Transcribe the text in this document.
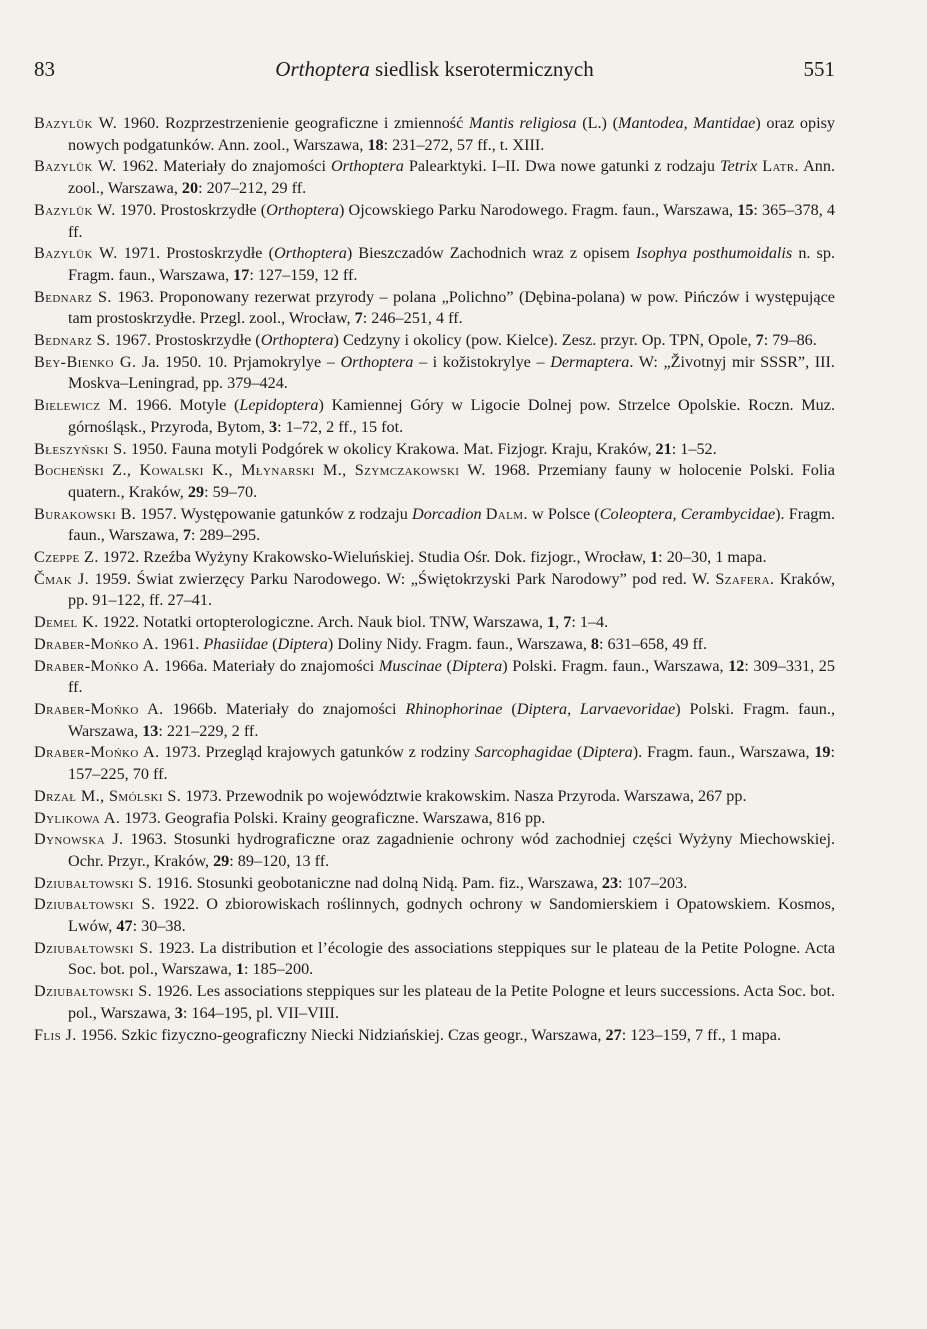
83	Orthoptera siedlisk kserotermicznych	551

Bazylük W. 1960. Rozprzestrzenienie geograficzne i zmienność Mantis religiosa (L.) (Mantodea, Mantidae) oraz opisy nowych podgatunków. Ann. zool., Warszawa, 18: 231–272, 57 ff., t. XIII.

Bazylük W. 1962. Materiały do znajomości Orthoptera Palearktyki. I–II. Dwa nowe gatunki z rodzaju Tetrix Latr. Ann. zool., Warszawa, 20: 207–212, 29 ff.

Bazylük W. 1970. Prostoskrzydłe (Orthoptera) Ojcowskiego Parku Narodowego. Fragm. faun., Warszawa, 15: 365–378, 4 ff.

Bazylük W. 1971. Prostoskrzydłe (Orthoptera) Bieszczadów Zachodnich wraz z opisem Isophya posthumoidalis n. sp. Fragm. faun., Warszawa, 17: 127–159, 12 ff.

Bednarz S. 1963. Proponowany rezerwat przyrody – polana „Polichno” (Dębina-polana) w pow. Pińczów i występujące tam prostoskrzydłe. Przegl. zool., Wrocław, 7: 246–251, 4 ff.

Bednarz S. 1967. Prostoskrzydłe (Orthoptera) Cedzyny i okolicy (pow. Kielce). Zesz. przyr. Op. TPN, Opole, 7: 79–86.

Bey-Bienko G. Ja. 1950. 10. Prjamokrylye – Orthoptera – i kožistokrylye – Dermaptera. W: „Životnyj mir SSSR”, III. Moskva–Leningrad, pp. 379–424.

Bielewicz M. 1966. Motyle (Lepidoptera) Kamiennej Góry w Ligocie Dolnej pow. Strzelce Opolskie. Roczn. Muz. górnośląsk., Przyroda, Bytom, 3: 1–72, 2 ff., 15 fot.

Błeszyński S. 1950. Fauna motyli Podgórek w okolicy Krakowa. Mat. Fizjogr. Kraju, Kraków, 21: 1–52.

Bocheński Z., Kowalski K., Młynarski M., Szymczakowski W. 1968. Przemiany fauny w holocenie Polski. Folia quatern., Kraków, 29: 59–70.

Burakowski B. 1957. Występowanie gatunków z rodzaju Dorcadion Dalm. w Polsce (Coleoptera, Cerambycidae). Fragm. faun., Warszawa, 7: 289–295.

Czeppe Z. 1972. Rzeźba Wyżyny Krakowsko-Wieluńskiej. Studia Ośr. Dok. fizjogr., Wrocław, 1: 20–30, 1 mapa.

Čmak J. 1959. Świat zwierzęcy Parku Narodowego. W: „Świętokrzyski Park Narodowy” pod red. W. Szafera. Kraków, pp. 91–122, ff. 27–41.

Demel K. 1922. Notatki ortopterologiczne. Arch. Nauk biol. TNW, Warszawa, 1, 7: 1–4.

Draber-Mońko A. 1961. Phasiidae (Diptera) Doliny Nidy. Fragm. faun., Warszawa, 8: 631–658, 49 ff.

Draber-Mońko A. 1966a. Materiały do znajomości Muscinae (Diptera) Polski. Fragm. faun., Warszawa, 12: 309–331, 25 ff.

Draber-Mońko A. 1966b. Materiały do znajomości Rhinophorinae (Diptera, Larvaevoridae) Polski. Fragm. faun., Warszawa, 13: 221–229, 2 ff.

Draber-Mońko A. 1973. Przegląd krajowych gatunków z rodziny Sarcophagidae (Diptera). Fragm. faun., Warszawa, 19: 157–225, 70 ff.

Drzał M., Smólski S. 1973. Przewodnik po województwie krakowskim. Nasza Przyroda. Warszawa, 267 pp.

Dylikowa A. 1973. Geografia Polski. Krainy geograficzne. Warszawa, 816 pp.

Dynowska J. 1963. Stosunki hydrograficzne oraz zagadnienie ochrony wód zachodniej części Wyżyny Miechowskiej. Ochr. Przyr., Kraków, 29: 89–120, 13 ff.

Dziubałtowski S. 1916. Stosunki geobotaniczne nad dolną Nidą. Pam. fiz., Warszawa, 23: 107–203.

Dziubałtowski S. 1922. O zbiorowiskach roślinnych, godnych ochrony w Sandomierskiem i Opatowskiem. Kosmos, Lwów, 47: 30–38.

Dziubałtowski S. 1923. La distribution et l’écologie des associations steppiques sur le plateau de la Petite Pologne. Acta Soc. bot. pol., Warszawa, 1: 185–200.

Dziubałtowski S. 1926. Les associations steppiques sur les plateau de la Petite Pologne et leurs successions. Acta Soc. bot. pol., Warszawa, 3: 164–195, pl. VII–VIII.

Flis J. 1956. Szkic fizyczno-geograficzny Niecki Nidziańskiej. Czas geogr., Warszawa, 27: 123–159, 7 ff., 1 mapa.
